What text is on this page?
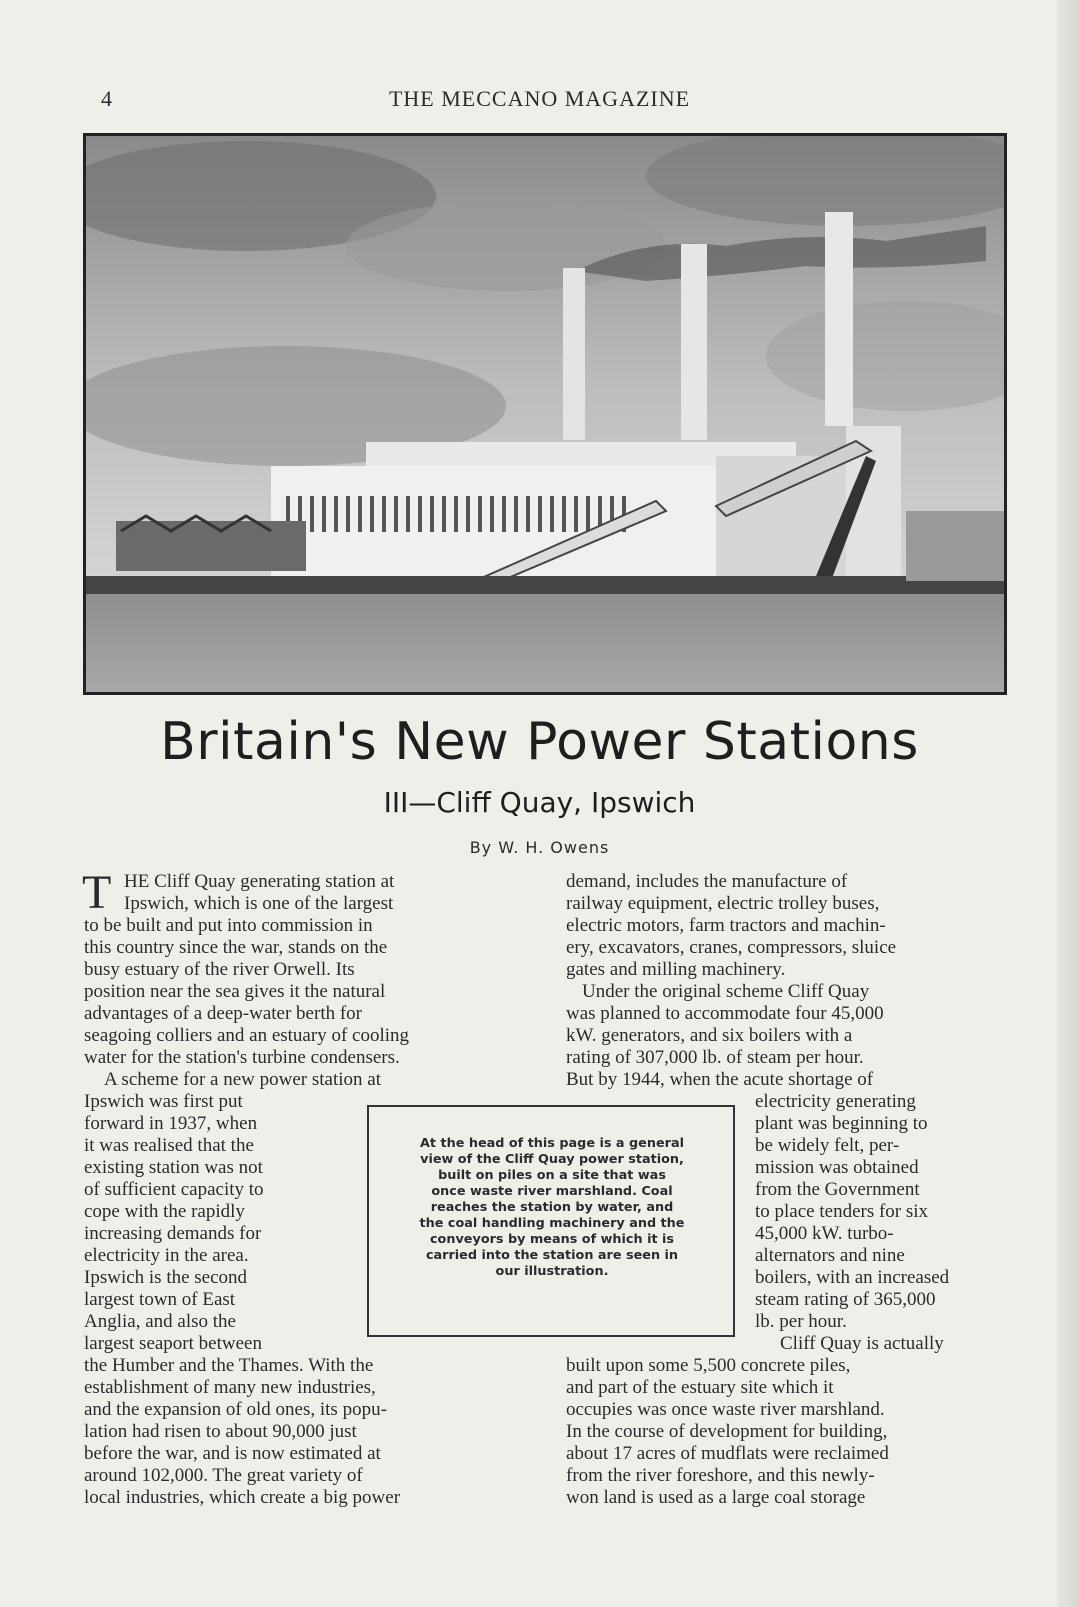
4	THE MECCANO MAGAZINE
Britain's New Power Stations
III—Cliff Quay, Ipswich
By W. H. Owens
T HE Cliff Quay generating station at
Ipswich, which is one of the largest
to be built and put into commission in
this country since the war, stands on the
busy estuary of the river Orwell. Its
position near the sea gives it the natural
advantages of a deep-water berth for
seagoing colliers and an estuary of cooling
water for the station's turbine condensers.
A scheme for a new power station at
Ipswich was first put
forward in 1937, when
it was realised that the
existing station was not
of sufficient capacity to
cope with the rapidly
increasing demands for
electricity in the area.
Ipswich is the second
largest town of East
Anglia, and also the
largest seaport between
the Humber and the Thames. With the
establishment of many new industries,
and the expansion of old ones, its popu-
lation had risen to about 90,000 just
before the war, and is now estimated at
around 102,000. The great variety of
local industries, which create a big power
demand, includes the manufacture of
railway equipment, electric trolley buses,
electric motors, farm tractors and machin-
ery, excavators, cranes, compressors, sluice
gates and milling machinery.
Under the original scheme Cliff Quay
was planned to accommodate four 45,000
kW. generators, and six boilers with a
rating of 307,000 lb. of steam per hour.
But by 1944, when the acute shortage of
electricity generating
plant was beginning to
be widely felt, per-
mission was obtained
from the Government
to place tenders for six
45,000 kW. turbo-
alternators and nine
boilers, with an increased
steam rating of 365,000
lb. per hour.
Cliff Quay is actually
built upon some 5,500 concrete piles,
and part of the estuary site which it
occupies was once waste river marshland.
In the course of development for building,
about 17 acres of mudflats were reclaimed
from the river foreshore, and this newly-
won land is used as a large coal storage
At the head of this page is a general
view of the Cliff Quay power station,
built on piles on a site that was
once waste river marshland. Coal
reaches the station by water, and
the coal handling machinery and the
conveyors by means of which it is
carried into the station are seen in
our illustration.
